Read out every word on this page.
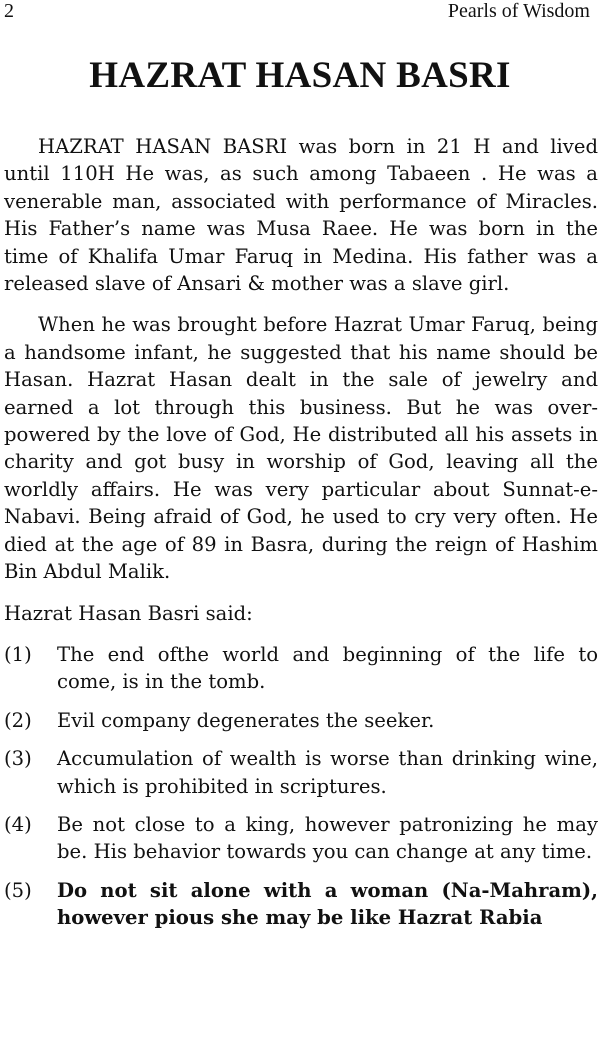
2	Pearls of Wisdom
HAZRAT HASAN BASRI

HAZRAT HASAN BASRI was born in 21 H and lived until 110H He was, as such among Tabaeen . He was a venerable man, associated with performance of Miracles. His Father’s name was Musa Raee. He was born in the time of Khalifa Umar Faruq in Medina. His father was a released slave of Ansari & mother was a slave girl.

When he was brought before Hazrat Umar Faruq, being a handsome infant, he suggested that his name should be Hasan. Hazrat Hasan dealt in the sale of jewelry and earned a lot through this business. But he was over-powered by the love of God, He distributed all his assets in charity and got busy in worship of God, leaving all the worldly affairs. He was very particular about Sunnat-e-Nabavi. Being afraid of God, he used to cry very often. He died at the age of 89 in Basra, during the reign of Hashim Bin Abdul Malik.

Hazrat Hasan Basri said:

(1)	The end ofthe world and beginning of the life to come, is in the tomb.
(2)	Evil company degenerates the seeker.
(3)	Accumulation of wealth is worse than drinking wine, which is prohibited in scriptures.
(4)	Be not close to a king, however patronizing he may be. His behavior towards you can change at any time.
(5)	Do not sit alone with a woman (Na-Mahram), however pious she may be like Hazrat Rabia
